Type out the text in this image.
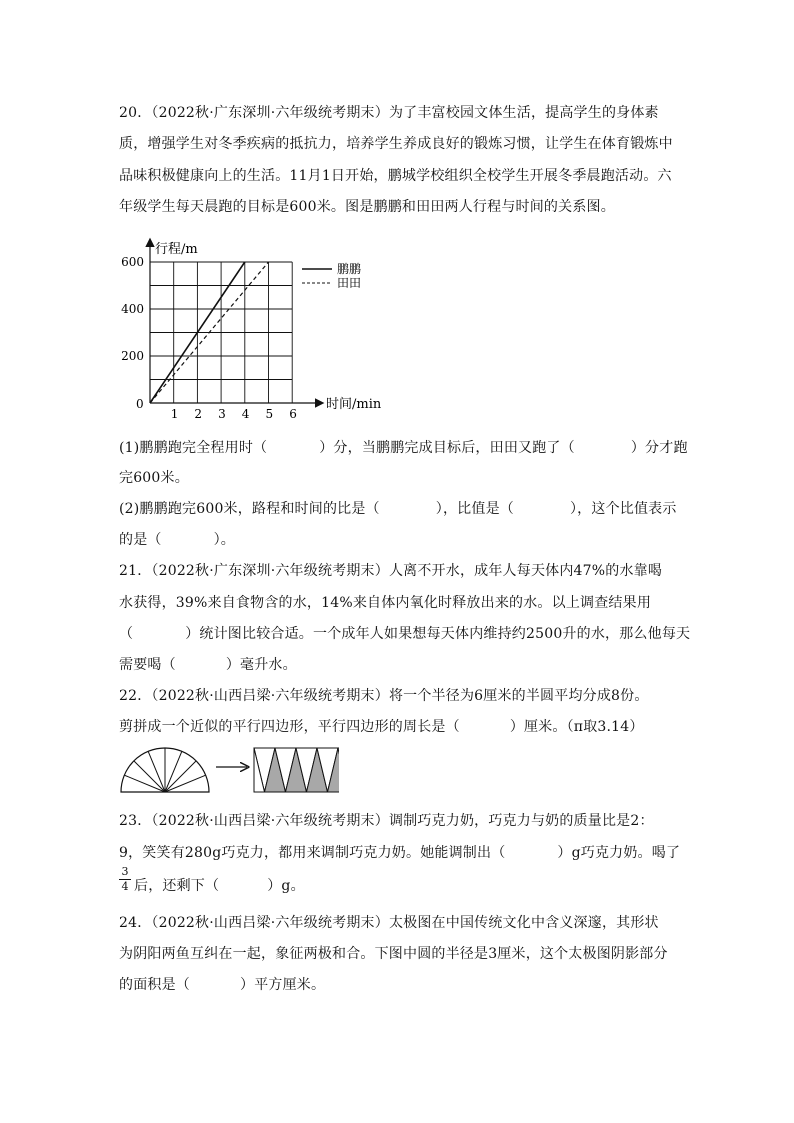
20．（2022秋·广东深圳·六年级统考期末）为了丰富校园文体生活，提高学生的身体素
质，增强学生对冬季疾病的抵抗力，培养学生养成良好的锻炼习惯，让学生在体育锻炼中
品味积极健康向上的生活。11月1日开始，鹏城学校组织全校学生开展冬季晨跑活动。六
年级学生每天晨跑的目标是600米。图是鹏鹏和田田两人行程与时间的关系图。
行程/m
时间/min
0
1 2 3 4 5 6
200
400
600	鹏鹏
田田
(1)鹏鹏跑完全程用时（	）分，当鹏鹏完成目标后，田田又跑了（	）分才跑
完600米。
(2)鹏鹏跑完600米，路程和时间的比是（	），比值是（	），这个比值表示
的是（	）。
21．（2022秋·广东深圳·六年级统考期末）人离不开水，成年人每天体内47%的水靠喝
水获得，39%来自食物含的水，14%来自体内氧化时释放出来的水。以上调查结果用
（	）统计图比较合适。一个成年人如果想每天体内维持约2500升的水，那么他每天
需要喝（	）毫升水。
22．（2022秋·山西吕梁·六年级统考期末）将一个半径为6厘米的半圆平均分成8份。
剪拼成一个近似的平行四边形，平行四边形的周长是（	）厘米。（π取3.14）
23．（2022秋·山西吕梁·六年级统考期末）调制巧克力奶，巧克力与奶的质量比是2：
9，笑笑有280g巧克力，都用来调制巧克力奶。她能调制出（	）g巧克力奶。喝了
3
4 后，还剩下（	）g。
24．（2022秋·山西吕梁·六年级统考期末）太极图在中国传统文化中含义深邃，其形状
为阴阳两鱼互纠在一起，象征两极和合。下图中圆的半径是3厘米，这个太极图阴影部分
的面积是（	）平方厘米。
